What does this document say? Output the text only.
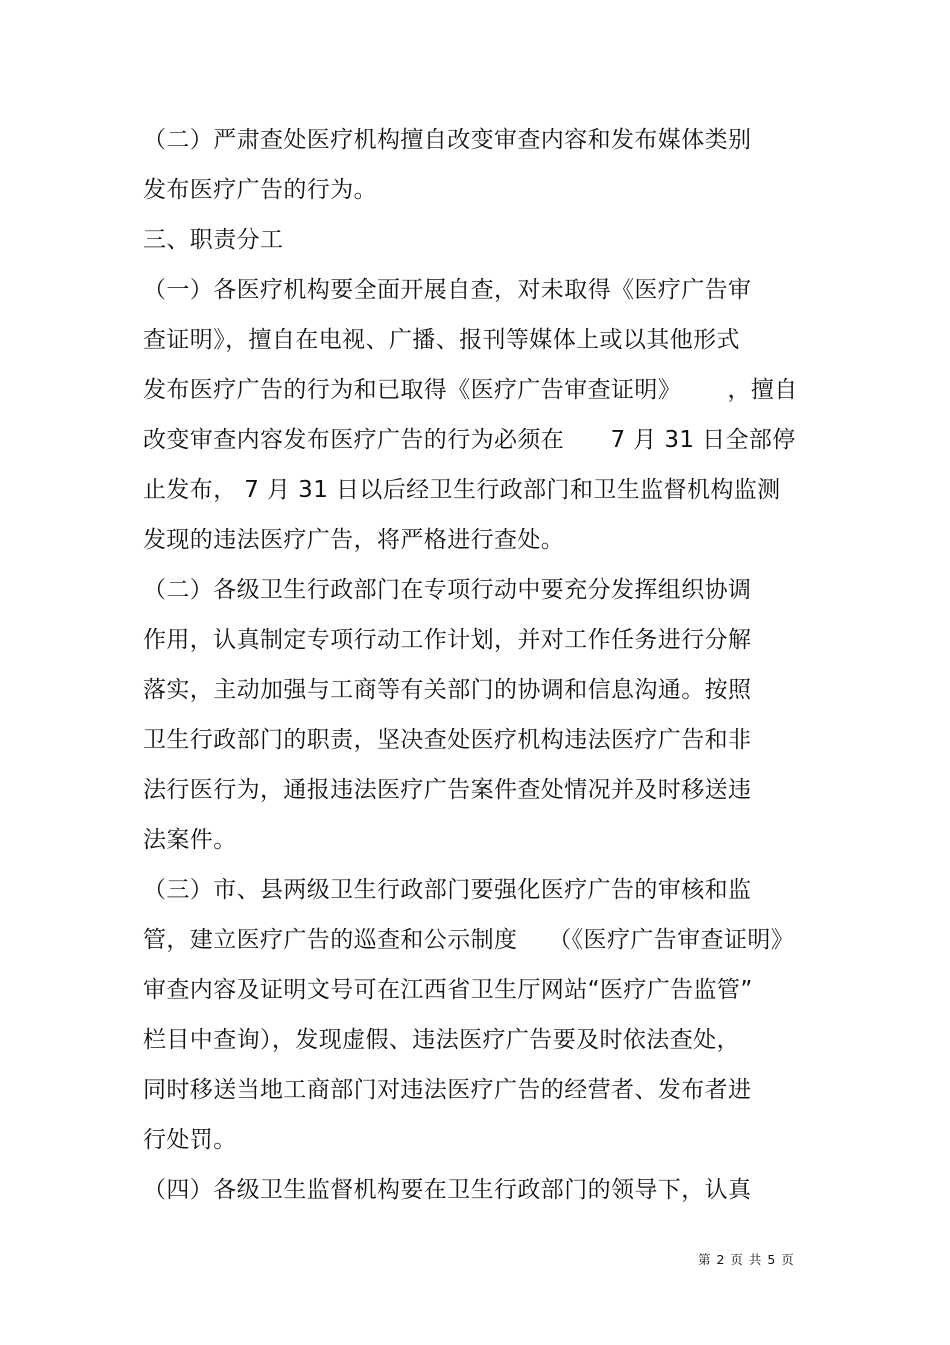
（二）严肃查处医疗机构擅自改变审查内容和发布媒体类别
发布医疗广告的行为。
三、职责分工
（一）各医疗机构要全面开展自查，对未取得《医疗广告审
查证明》，擅自在电视、广播、报刊等媒体上或以其他形式
发布医疗广告的行为和已取得《医疗广告审查证明》      ，擅自
改变审查内容发布医疗广告的行为必须在      7 月 31 日全部停
止发布， 7 月 31 日以后经卫生行政部门和卫生监督机构监测
发现的违法医疗广告，将严格进行查处。
（二）各级卫生行政部门在专项行动中要充分发挥组织协调
作用，认真制定专项行动工作计划，并对工作任务进行分解
落实，主动加强与工商等有关部门的协调和信息沟通。按照
卫生行政部门的职责，坚决查处医疗机构违法医疗广告和非
法行医行为，通报违法医疗广告案件查处情况并及时移送违
法案件。
（三）市、县两级卫生行政部门要强化医疗广告的审核和监
管，建立医疗广告的巡查和公示制度    （《医疗广告审查证明》
审查内容及证明文号可在江西省卫生厅网站“医疗广告监管”
栏目中查询），发现虚假、违法医疗广告要及时依法查处，
同时移送当地工商部门对违法医疗广告的经营者、发布者进
行处罚。
（四）各级卫生监督机构要在卫生行政部门的领导下，认真
第 2 页 共 5 页
